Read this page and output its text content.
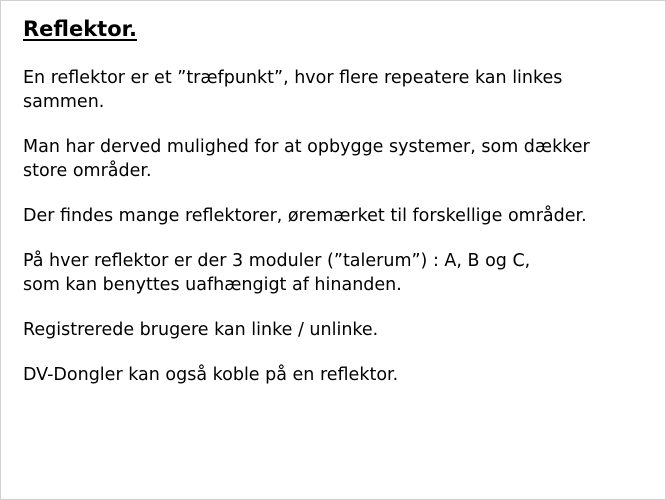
Reflektor.

En reflektor er et ”træfpunkt”, hvor flere repeatere kan linkes
sammen.

Man har derved mulighed for at opbygge systemer, som dækker
store områder.

Der findes mange reflektorer, øremærket til forskellige områder.

På hver reflektor er der 3 moduler (”talerum”) : A, B og C,
som kan benyttes uafhængigt af hinanden.

Registrerede brugere kan linke / unlinke.

DV-Dongler kan også koble på en reflektor.
